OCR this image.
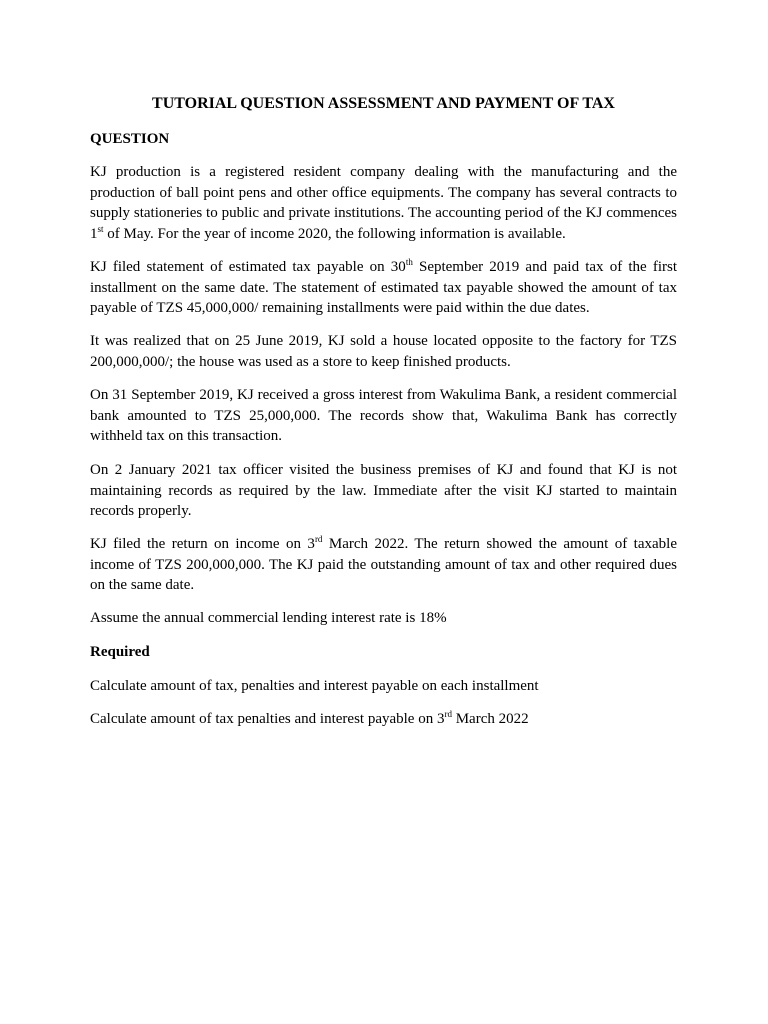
TUTORIAL QUESTION ASSESSMENT AND PAYMENT OF TAX
QUESTION
KJ production is a registered resident company dealing with the manufacturing and the production of ball point pens and other office equipments. The company has several contracts to supply stationeries to public and private institutions. The accounting period of the KJ commences 1st of May. For the year of income 2020, the following information is available.
KJ filed statement of estimated tax payable on 30th September 2019 and paid tax of the first installment on the same date. The statement of estimated tax payable showed the amount of tax payable of TZS 45,000,000/ remaining installments were paid within the due dates.
It was realized that on 25 June 2019, KJ sold a house located opposite to the factory for TZS 200,000,000/; the house was used as a store to keep finished products.
On 31 September 2019, KJ received a gross interest from Wakulima Bank, a resident commercial bank amounted to TZS 25,000,000. The records show that, Wakulima Bank has correctly withheld tax on this transaction.
On 2 January 2021 tax officer visited the business premises of KJ and found that KJ is not maintaining records as required by the law. Immediate after the visit KJ started to maintain records properly.
KJ filed the return on income on 3rd March 2022. The return showed the amount of taxable income of TZS 200,000,000. The KJ paid the outstanding amount of tax and other required dues on the same date.
Assume the annual commercial lending interest rate is 18%
Required
Calculate amount of tax, penalties and interest payable on each installment
Calculate amount of tax penalties and interest payable on 3rd March 2022
